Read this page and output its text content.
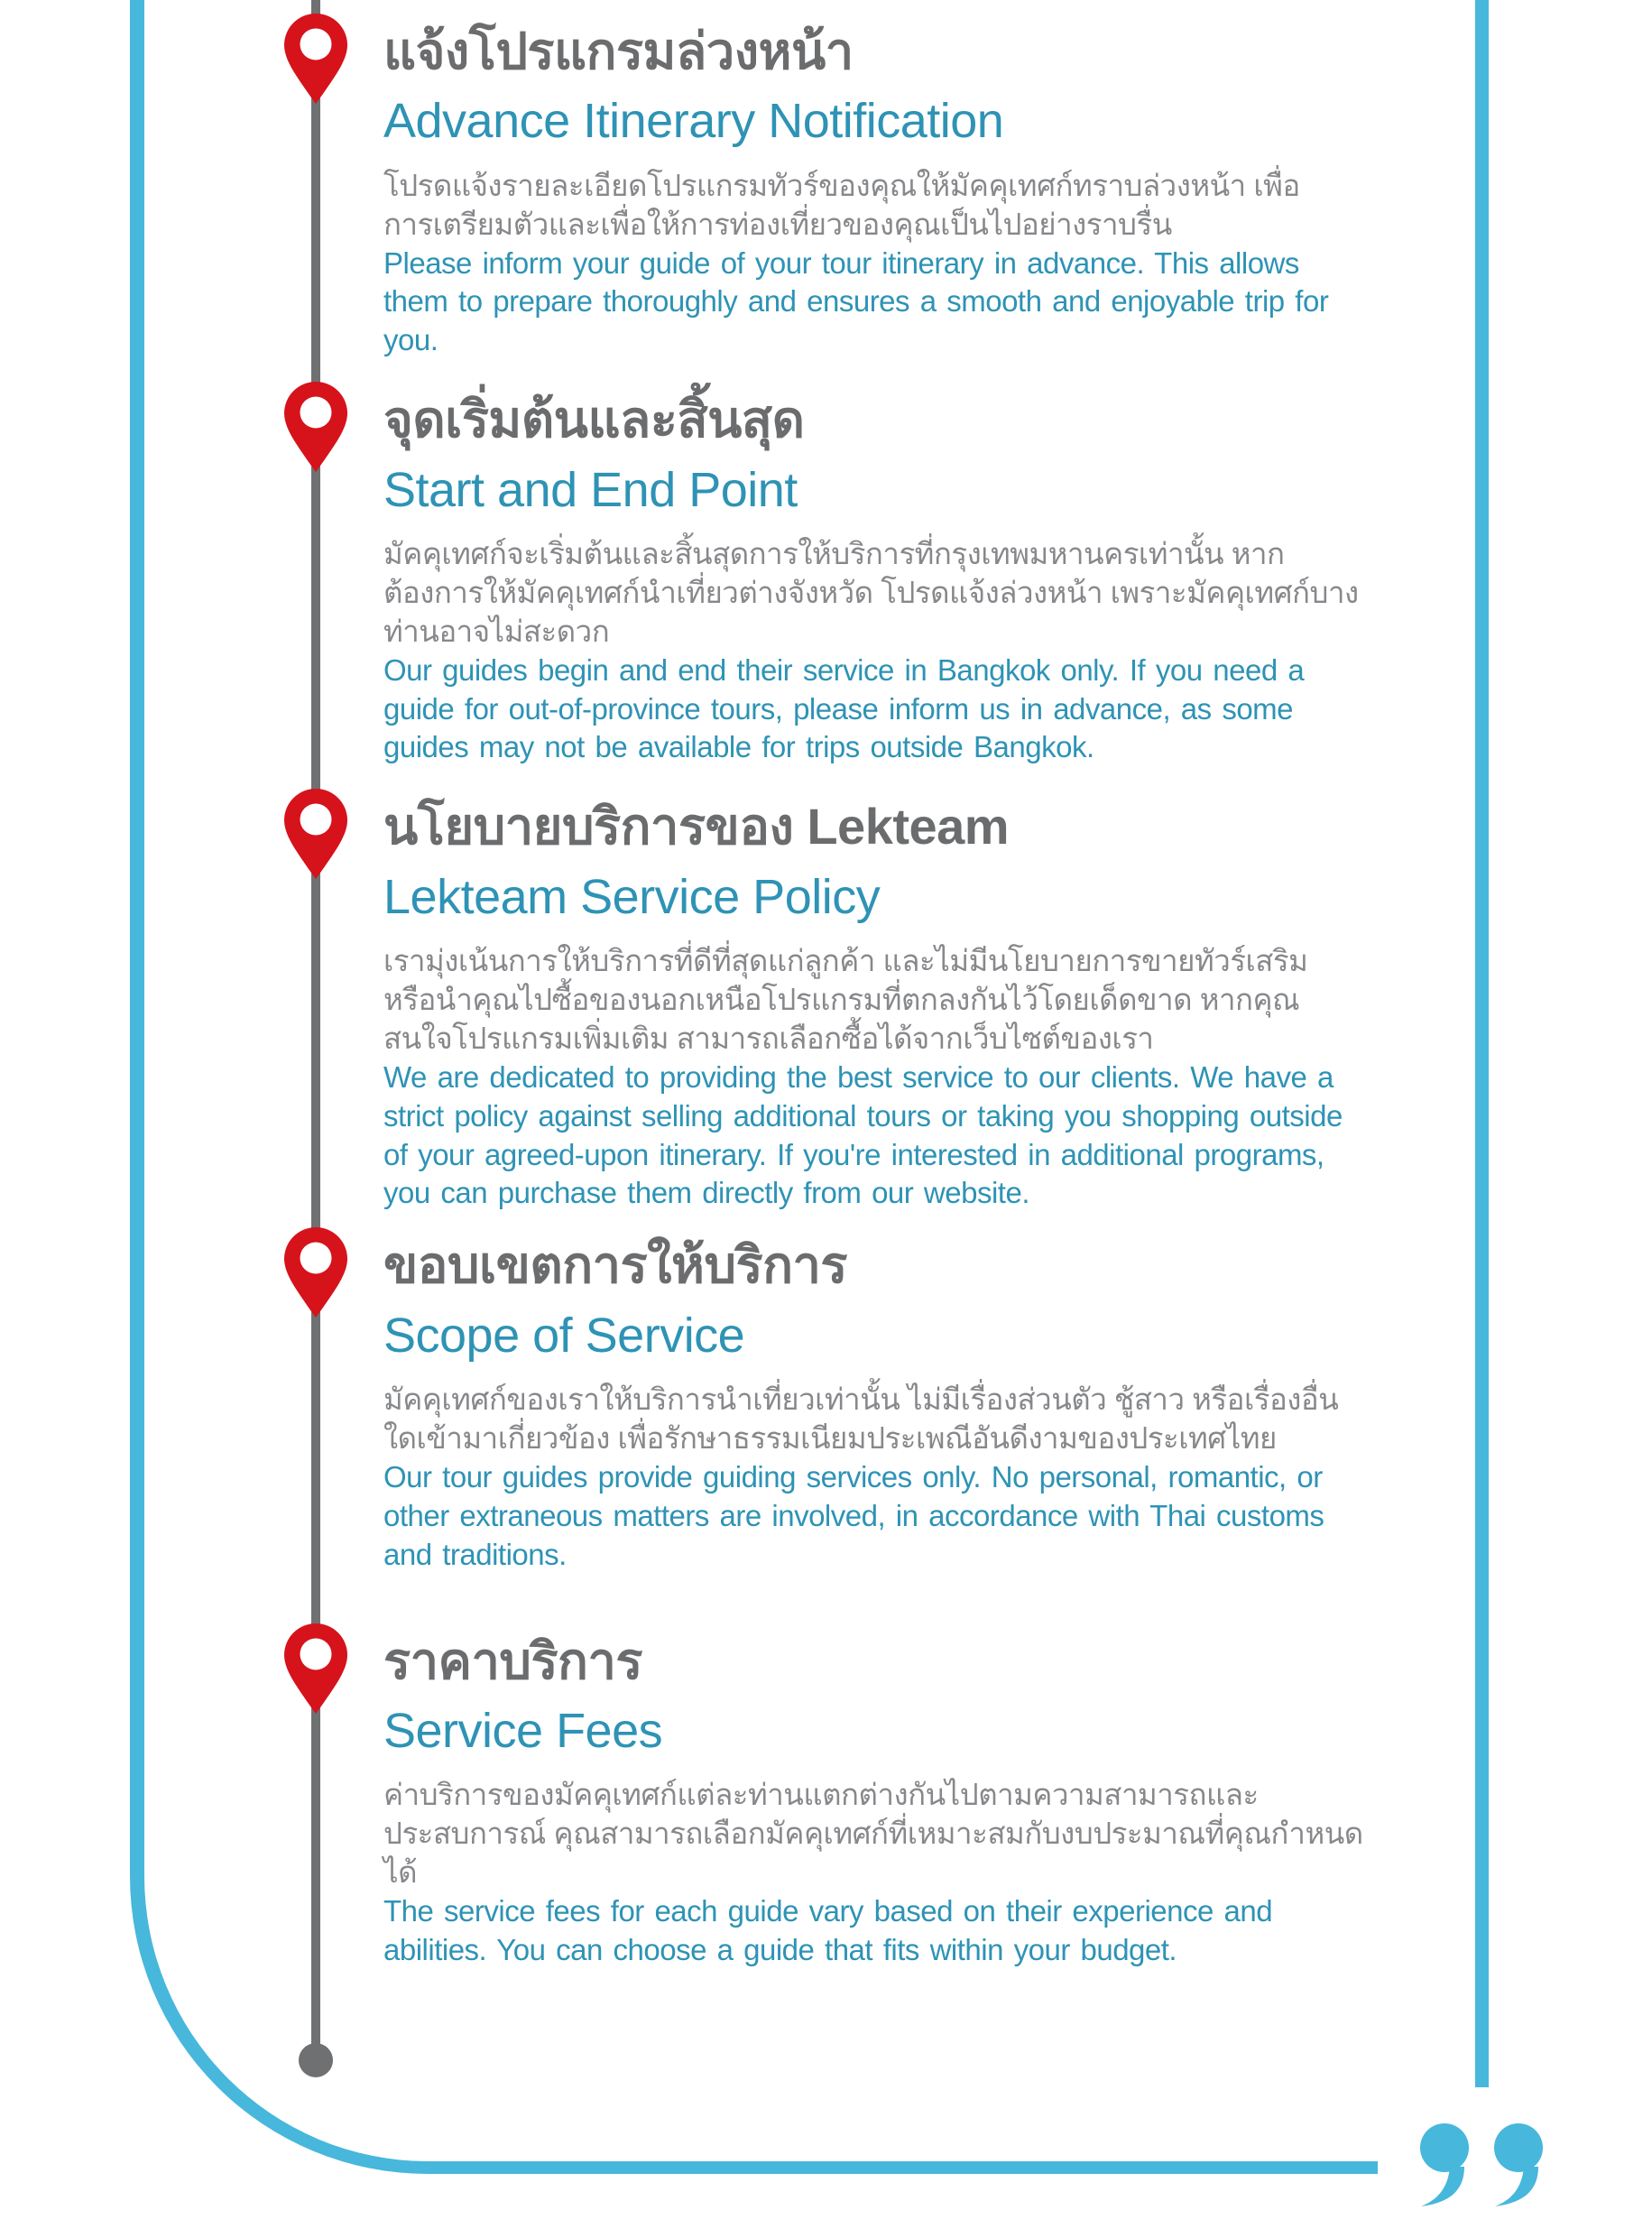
แจ้งโปรแกรมล่วงหน้า
Advance Itinerary Notification
โปรดแจ้งรายละเอียดโปรแกรมทัวร์ของคุณให้มัคคุเทศก์ทราบล่วงหน้า เพื่อการเตรียมตัวและเพื่อให้การท่องเที่ยวของคุณเป็นไปอย่างราบรื่น
Please inform your guide of your tour itinerary in advance. This allows them to prepare thoroughly and ensures a smooth and enjoyable trip for you.
จุดเริ่มต้นและสิ้นสุด
Start and End Point
มัคคุเทศก์จะเริ่มต้นและสิ้นสุดการให้บริการที่กรุงเทพมหานครเท่านั้น หากต้องการให้มัคคุเทศก์นำเที่ยวต่างจังหวัด โปรดแจ้งล่วงหน้า เพราะมัคคุเทศก์บางท่านอาจไม่สะดวก
Our guides begin and end their service in Bangkok only. If you need a guide for out-of-province tours, please inform us in advance, as some guides may not be available for trips outside Bangkok.
นโยบายบริการของ Lekteam
Lekteam Service Policy
เรามุ่งเน้นการให้บริการที่ดีที่สุดแก่ลูกค้า และไม่มีนโยบายการขายทัวร์เสริม หรือนำคุณไปซื้อของนอกเหนือโปรแกรมที่ตกลงกันไว้โดยเด็ดขาด หากคุณสนใจโปรแกรมเพิ่มเติม สามารถเลือกซื้อได้จากเว็บไซต์ของเรา
We are dedicated to providing the best service to our clients. We have a strict policy against selling additional tours or taking you shopping outside of your agreed-upon itinerary. If you're interested in additional programs, you can purchase them directly from our website.
ขอบเขตการให้บริการ
Scope of Service
มัคคุเทศก์ของเราให้บริการนำเที่ยวเท่านั้น ไม่มีเรื่องส่วนตัว ชู้สาว หรือเรื่องอื่นใดเข้ามาเกี่ยวข้อง เพื่อรักษาธรรมเนียมประเพณีอันดีงามของประเทศไทย
Our tour guides provide guiding services only. No personal, romantic, or other extraneous matters are involved, in accordance with Thai customs and traditions.
ราคาบริการ
Service Fees
ค่าบริการของมัคคุเทศก์แต่ละท่านแตกต่างกันไปตามความสามารถและประสบการณ์ คุณสามารถเลือกมัคคุเทศก์ที่เหมาะสมกับงบประมาณที่คุณกำหนดได้
The service fees for each guide vary based on their experience and abilities. You can choose a guide that fits within your budget.
